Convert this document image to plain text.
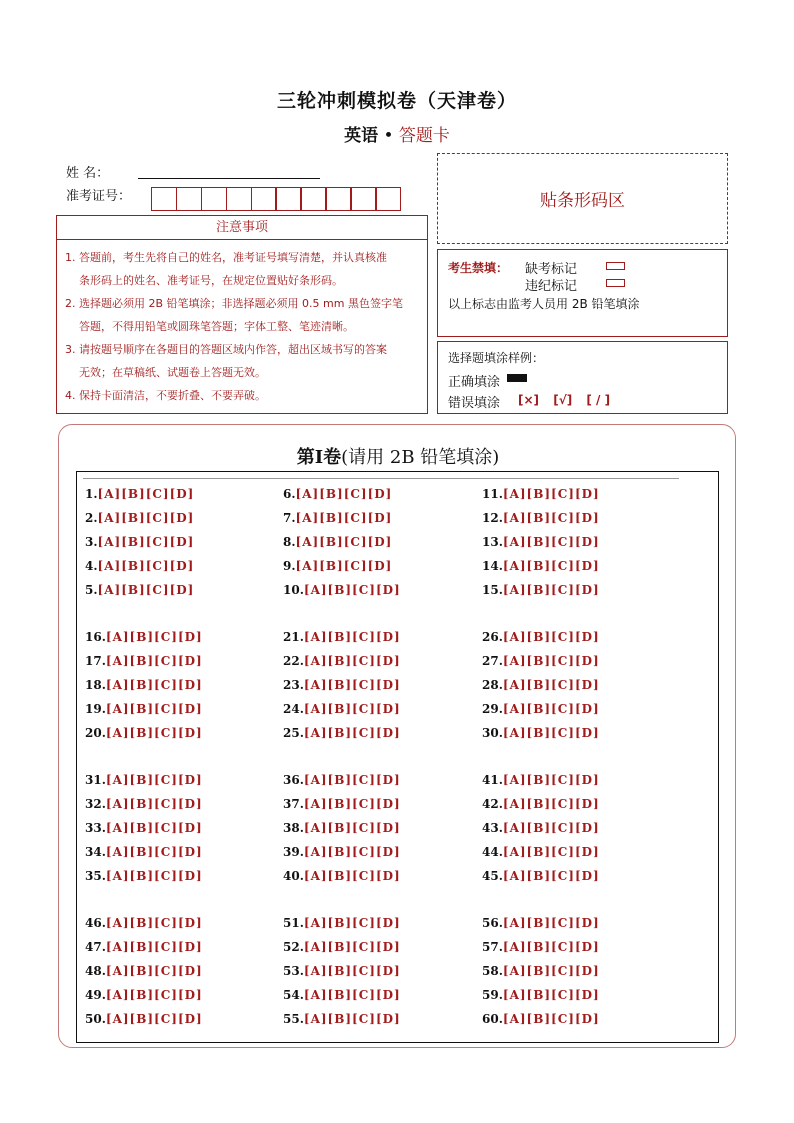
三轮冲刺模拟卷（天津卷）
英语 • 答题卡
姓 名：
准考证号：	贴条形码区
注意事项
1. 答题前，考生先将自己的姓名，准考证号填写清楚，并认真核准
条形码上的姓名、准考证号，在规定位置贴好条形码。
2. 选择题必须用 2B 铅笔填涂；非选择题必须用 0.5 mm 黑色签字笔
答题，不得用铅笔或圆珠笔答题；字体工整、笔迹清晰。
3. 请按题号顺序在各题目的答题区域内作答，超出区域书写的答案
无效；在草稿纸、试题卷上答题无效。
4. 保持卡面清洁，不要折叠、不要弄破。
考生禁填： 缺考标记
违纪标记
以上标志由监考人员用 2B 铅笔填涂
选择题填涂样例：
正确填涂
错误填涂 [×] [√] [ / ]
第Ⅰ卷(请用 2B 铅笔填涂)
1.[A][B][C][D]
2.[A][B][C][D]
3.[A][B][C][D]
4.[A][B][C][D]
5.[A][B][C][D]
16.[A][B][C][D]
17.[A][B][C][D]
18.[A][B][C][D]
19.[A][B][C][D]
20.[A][B][C][D]
31.[A][B][C][D]
32.[A][B][C][D]
33.[A][B][C][D]
34.[A][B][C][D]
35.[A][B][C][D]
46.[A][B][C][D]
47.[A][B][C][D]
48.[A][B][C][D]
49.[A][B][C][D]
50.[A][B][C][D]
6.[A][B][C][D]
7.[A][B][C][D]
8.[A][B][C][D]
9.[A][B][C][D]
10.[A][B][C][D]
21.[A][B][C][D]
22.[A][B][C][D]
23.[A][B][C][D]
24.[A][B][C][D]
25.[A][B][C][D]
36.[A][B][C][D]
37.[A][B][C][D]
38.[A][B][C][D]
39.[A][B][C][D]
40.[A][B][C][D]
51.[A][B][C][D]
52.[A][B][C][D]
53.[A][B][C][D]
54.[A][B][C][D]
55.[A][B][C][D]
11.[A][B][C][D]
12.[A][B][C][D]
13.[A][B][C][D]
14.[A][B][C][D]
15.[A][B][C][D]
26.[A][B][C][D]
27.[A][B][C][D]
28.[A][B][C][D]
29.[A][B][C][D]
30.[A][B][C][D]
41.[A][B][C][D]
42.[A][B][C][D]
43.[A][B][C][D]
44.[A][B][C][D]
45.[A][B][C][D]
56.[A][B][C][D]
57.[A][B][C][D]
58.[A][B][C][D]
59.[A][B][C][D]
60.[A][B][C][D]
